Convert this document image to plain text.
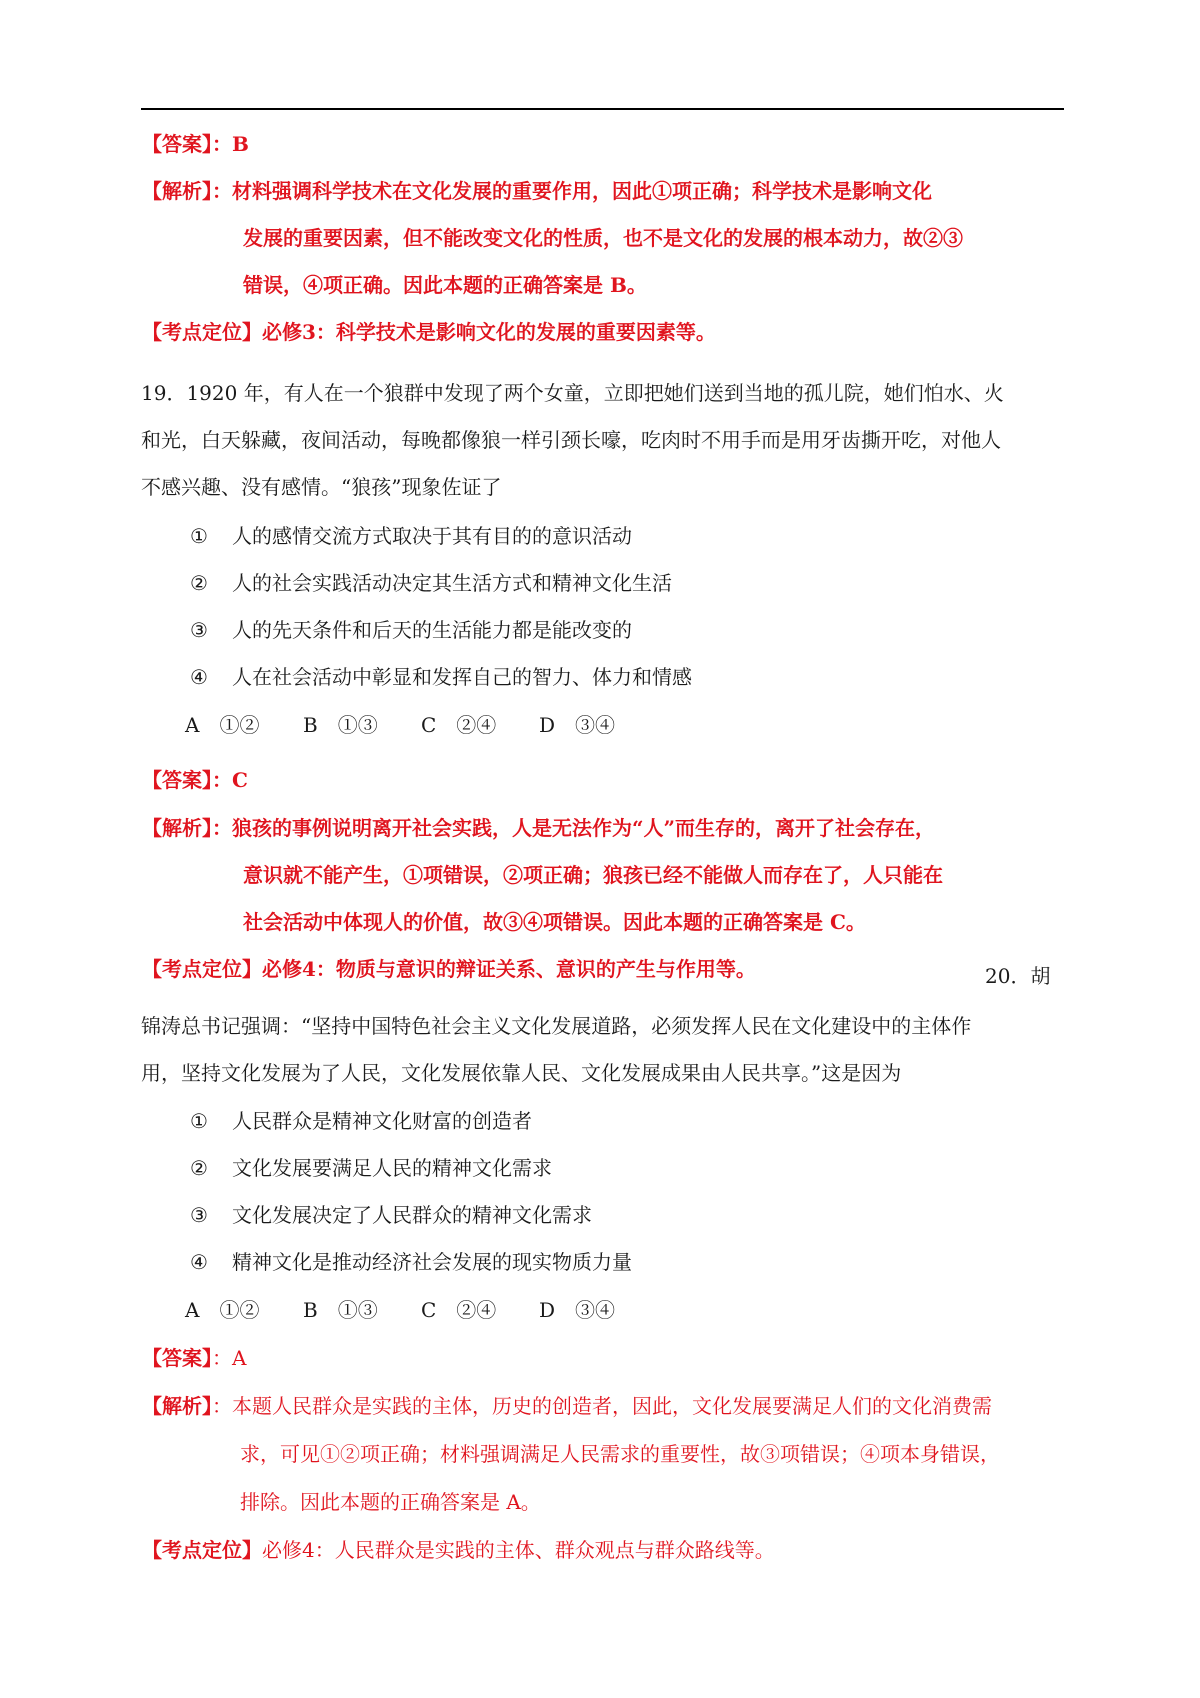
【答案】：B
【解析】：材料强调科学技术在文化发展的重要作用，因此①项正确；科学技术是影响文化
发展的重要因素，但不能改变文化的性质，也不是文化的发展的根本动力，故②③
错误，④项正确。因此本题的正确答案是 B。
【考点定位】必修3：科学技术是影响文化的发展的重要因素等。
19．1920 年，有人在一个狼群中发现了两个女童，立即把她们送到当地的孤儿院，她们怕水、火
和光，白天躲藏，夜间活动，每晚都像狼一样引颈长嚎，吃肉时不用手而是用牙齿撕开吃，对他人
不感兴趣、没有感情。“狼孩”现象佐证了
① 人的感情交流方式取决于其有目的的意识活动
② 人的社会实践活动决定其生活方式和精神文化生活
③ 人的先天条件和后天的生活能力都是能改变的
④ 人在社会活动中彰显和发挥自己的智力、体力和情感
A　①② B　①③ C　②④ D　③④
【答案】：C
【解析】：狼孩的事例说明离开社会实践，人是无法作为“人”而生存的，离开了社会存在，
意识就不能产生，①项错误，②项正确；狼孩已经不能做人而存在了，人只能在
社会活动中体现人的价值，故③④项错误。因此本题的正确答案是 C。
【考点定位】必修4：物质与意识的辩证关系、意识的产生与作用等。	20．胡
锦涛总书记强调：“坚持中国特色社会主义文化发展道路，必须发挥人民在文化建设中的主体作
用，坚持文化发展为了人民，文化发展依靠人民、文化发展成果由人民共享。”这是因为
① 人民群众是精神文化财富的创造者
② 文化发展要满足人民的精神文化需求
③ 文化发展决定了人民群众的精神文化需求
④ 精神文化是推动经济社会发展的现实物质力量
A　①② B　①③ C　②④ D　③④
【答案】：A
【解析】：本题人民群众是实践的主体，历史的创造者，因此，文化发展要满足人们的文化消费需
求，可见①②项正确；材料强调满足人民需求的重要性，故③项错误；④项本身错误，
排除。因此本题的正确答案是 A。
【考点定位】必修4：人民群众是实践的主体、群众观点与群众路线等。
